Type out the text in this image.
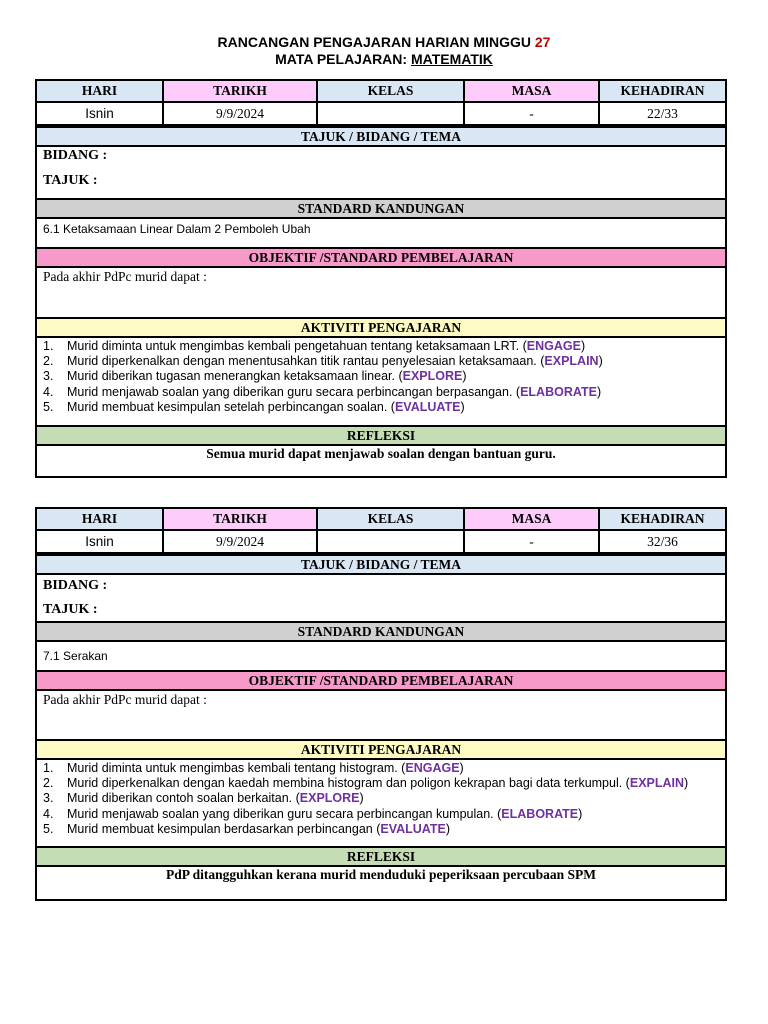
RANCANGAN PENGAJARAN HARIAN MINGGU 27
MATA PELAJARAN: MATEMATIK
HARI	TARIKH	KELAS	MASA	KEHADIRAN
Isnin	9/9/2024		-	22/33
TAJUK / BIDANG / TEMA
BIDANG :
TAJUK :
STANDARD KANDUNGAN
6.1 Ketaksamaan Linear Dalam 2 Pemboleh Ubah
OBJEKTIF /STANDARD PEMBELAJARAN
Pada akhir PdPc murid dapat :
AKTIVITI PENGAJARAN
1. Murid diminta untuk mengimbas kembali pengetahuan tentang ketaksamaan LRT. (ENGAGE)
2. Murid diperkenalkan dengan menentusahkan titik rantau penyelesaian ketaksamaan. (EXPLAIN)
3. Murid diberikan tugasan menerangkan ketaksamaan linear. (EXPLORE)
4. Murid menjawab soalan yang diberikan guru secara perbincangan berpasangan. (ELABORATE)
5. Murid membuat kesimpulan setelah perbincangan soalan. (EVALUATE)
REFLEKSI
Semua murid dapat menjawab soalan dengan bantuan guru.
HARI	TARIKH	KELAS	MASA	KEHADIRAN
Isnin	9/9/2024		-	32/36
TAJUK / BIDANG / TEMA
BIDANG :
TAJUK :
STANDARD KANDUNGAN
7.1 Serakan
OBJEKTIF /STANDARD PEMBELAJARAN
Pada akhir PdPc murid dapat :
AKTIVITI PENGAJARAN
1. Murid diminta untuk mengimbas kembali tentang histogram. (ENGAGE)
2. Murid diperkenalkan dengan kaedah membina histogram dan poligon kekrapan bagi data terkumpul. (EXPLAIN)
3. Murid diberikan contoh soalan berkaitan. (EXPLORE)
4. Murid menjawab soalan yang diberikan guru secara perbincangan kumpulan. (ELABORATE)
5. Murid membuat kesimpulan berdasarkan perbincangan (EVALUATE)
REFLEKSI
PdP ditangguhkan kerana murid menduduki peperiksaan percubaan SPM
